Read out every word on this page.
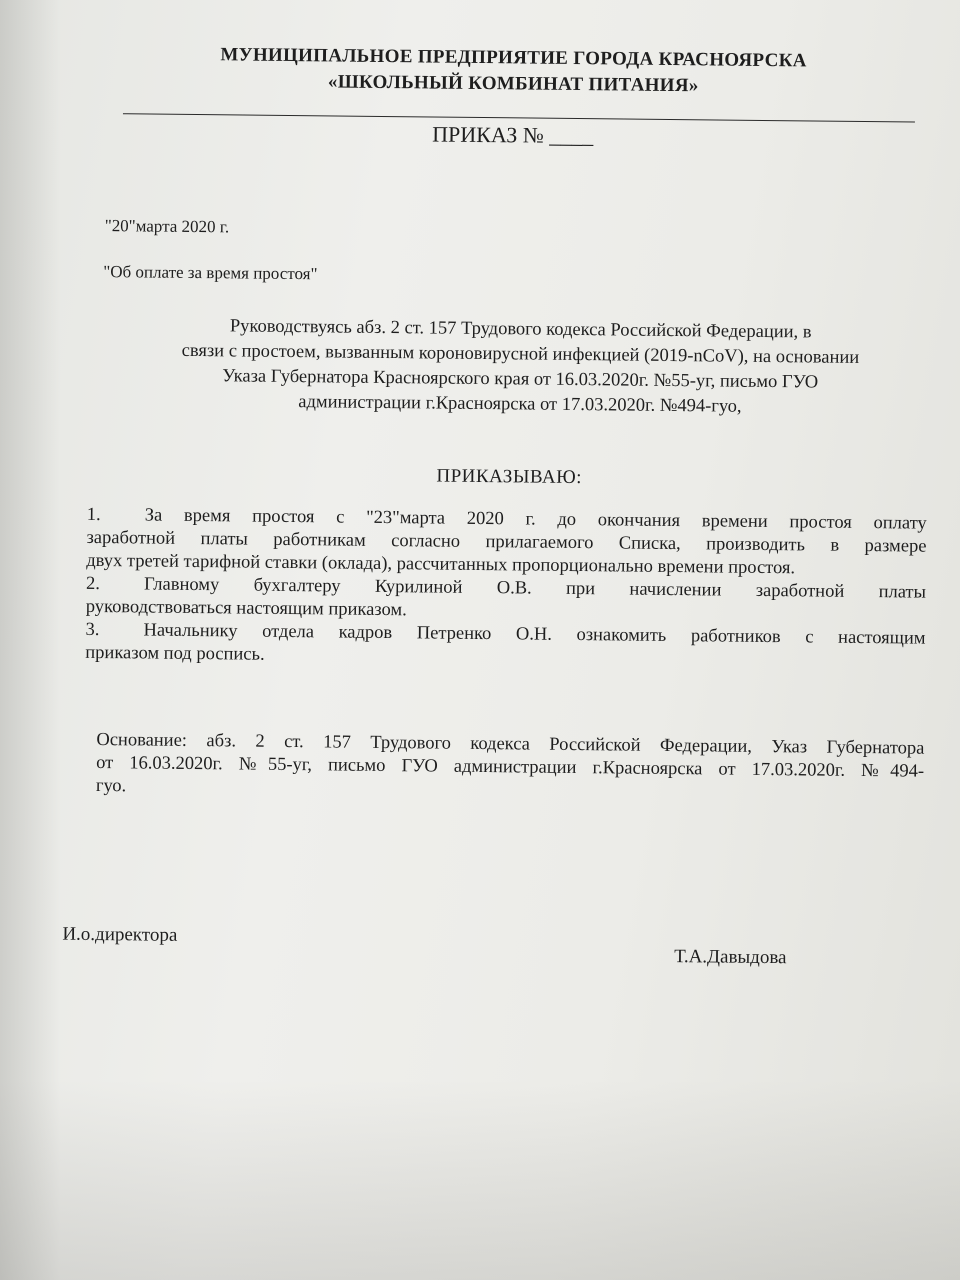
МУНИЦИПАЛЬНОЕ ПРЕДПРИЯТИЕ ГОРОДА КРАСНОЯРСКА
«ШКОЛЬНЫЙ КОМБИНАТ ПИТАНИЯ»
ПРИКАЗ № ____
"20"марта 2020 г.
"Об оплате за время простоя"
Руководствуясь абз. 2 ст. 157 Трудового кодекса Российской Федерации, в
связи с простоем, вызванным короновирусной инфекцией (2019-nCoV), на основании
Указа Губернатора Красноярского края от 16.03.2020г. №55-уг, письмо ГУО
администрации г.Красноярска от 17.03.2020г. №494-гуо,
ПРИКАЗЫВАЮ:
1. За время простоя с "23"марта 2020 г. до окончания времени простоя оплату
заработной платы работникам согласно прилагаемого Списка, производить в размере
двух третей тарифной ставки (оклада), рассчитанных пропорционально времени простоя.
2. Главному бухгалтеру Курилиной О.В. при начислении заработной платы
руководствоваться настоящим приказом.
3. Начальнику отдела кадров Петренко О.Н. ознакомить работников с настоящим
приказом под роспись.
Основание: абз. 2 ст. 157 Трудового кодекса Российской Федерации, Указ Губернатора
от 16.03.2020г. №55-уг, письмо ГУО администрации г.Красноярска от 17.03.2020г. №494-
гуо.
И.о.директора
Т.А.Давыдова
